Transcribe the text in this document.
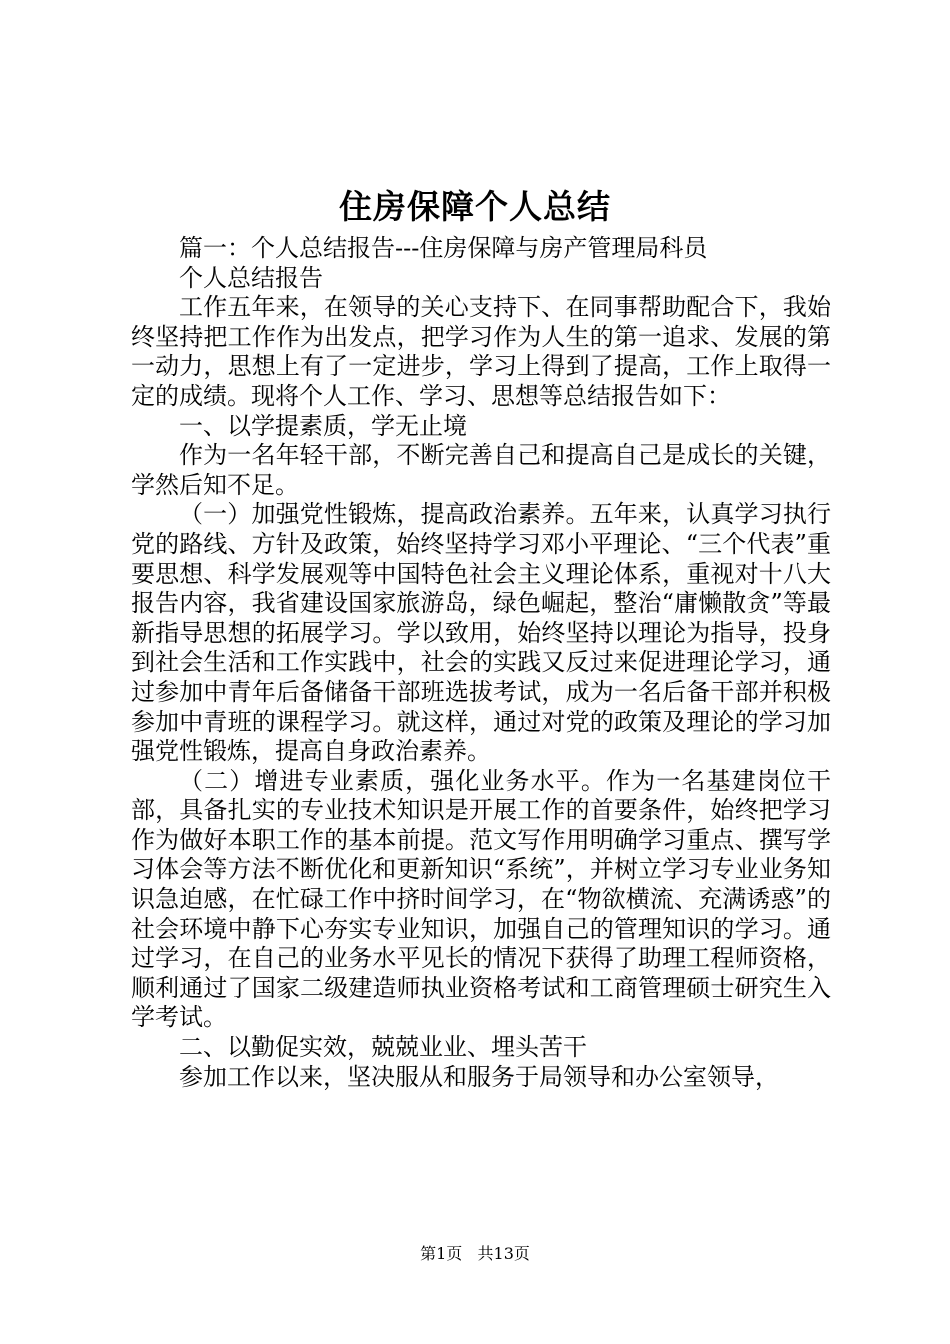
住房保障个人总结

篇一：个人总结报告---住房保障与房产管理局科员

个人总结报告

工作五年来，在领导的关心支持下、在同事帮助配合下，我始终坚持把工作作为出发点，把学习作为人生的第一追求、发展的第一动力，思想上有了一定进步，学习上得到了提高，工作上取得一定的成绩。现将个人工作、学习、思想等总结报告如下：

一、以学提素质，学无止境

作为一名年轻干部，不断完善自己和提高自己是成长的关键，学然后知不足。

（一）加强党性锻炼，提高政治素养。五年来，认真学习执行党的路线、方针及政策，始终坚持学习邓小平理论、“三个代表”重要思想、科学发展观等中国特色社会主义理论体系，重视对十八大报告内容，我省建设国家旅游岛，绿色崛起，整治“庸懒散贪”等最新指导思想的拓展学习。学以致用，始终坚持以理论为指导，投身到社会生活和工作实践中，社会的实践又反过来促进理论学习，通过参加中青年后备储备干部班选拔考试，成为一名后备干部并积极参加中青班的课程学习。就这样，通过对党的政策及理论的学习加强党性锻炼，提高自身政治素养。

（二）增进专业素质，强化业务水平。作为一名基建岗位干部，具备扎实的专业技术知识是开展工作的首要条件，始终把学习作为做好本职工作的基本前提。范文写作用明确学习重点、撰写学习体会等方法不断优化和更新知识“系统”，并树立学习专业业务知识急迫感，在忙碌工作中挤时间学习，在“物欲横流、充满诱惑”的社会环境中静下心夯实专业知识，加强自己的管理知识的学习。通过学习，在自己的业务水平见长的情况下获得了助理工程师资格，顺利通过了国家二级建造师执业资格考试和工商管理硕士研究生入学考试。

二、以勤促实效，兢兢业业、埋头苦干

参加工作以来，坚决服从和服务于局领导和办公室领导，

第1页 共13页
